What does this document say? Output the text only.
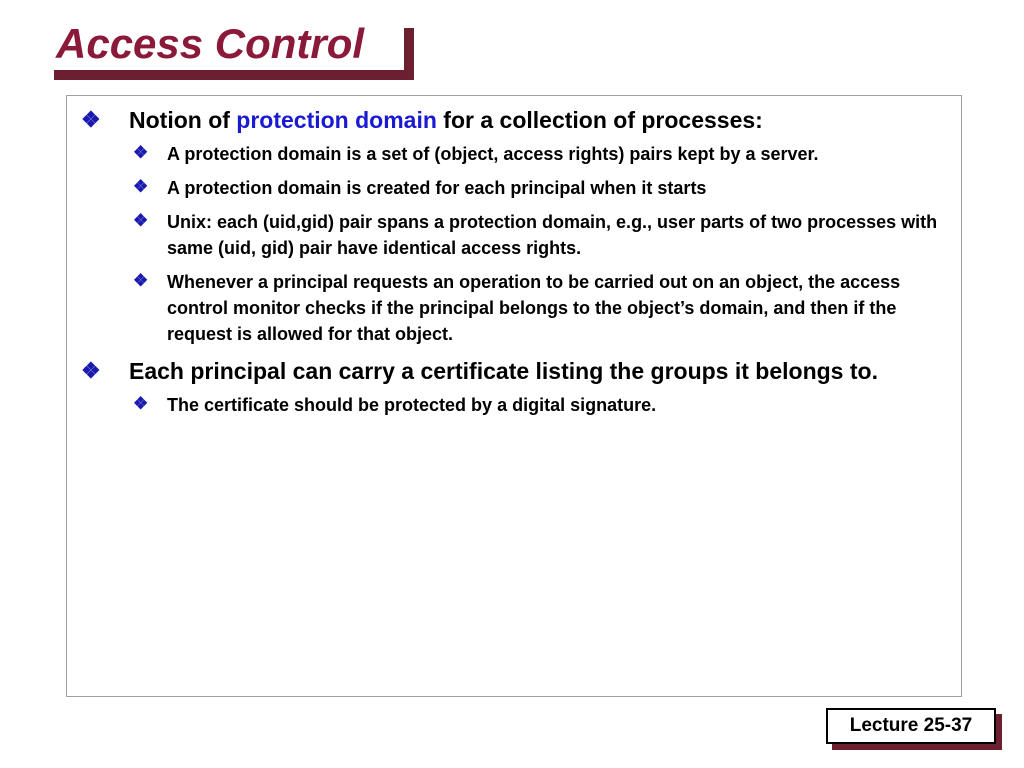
Access Control
❖ Notion of protection domain for a collection of processes:
❖ A protection domain is a set of (object, access rights) pairs kept by a server.
❖ A protection domain is created for each principal when it starts
❖ Unix: each (uid,gid) pair spans a protection domain, e.g., user parts of two processes with same (uid, gid) pair have identical access rights.
❖ Whenever a principal requests an operation to be carried out on an object, the access control monitor checks if the principal belongs to the object’s domain, and then if the request is allowed for that object.
❖ Each principal can carry a certificate listing the groups it belongs to.
❖ The certificate should be protected by a digital signature.
Lecture 25-37
